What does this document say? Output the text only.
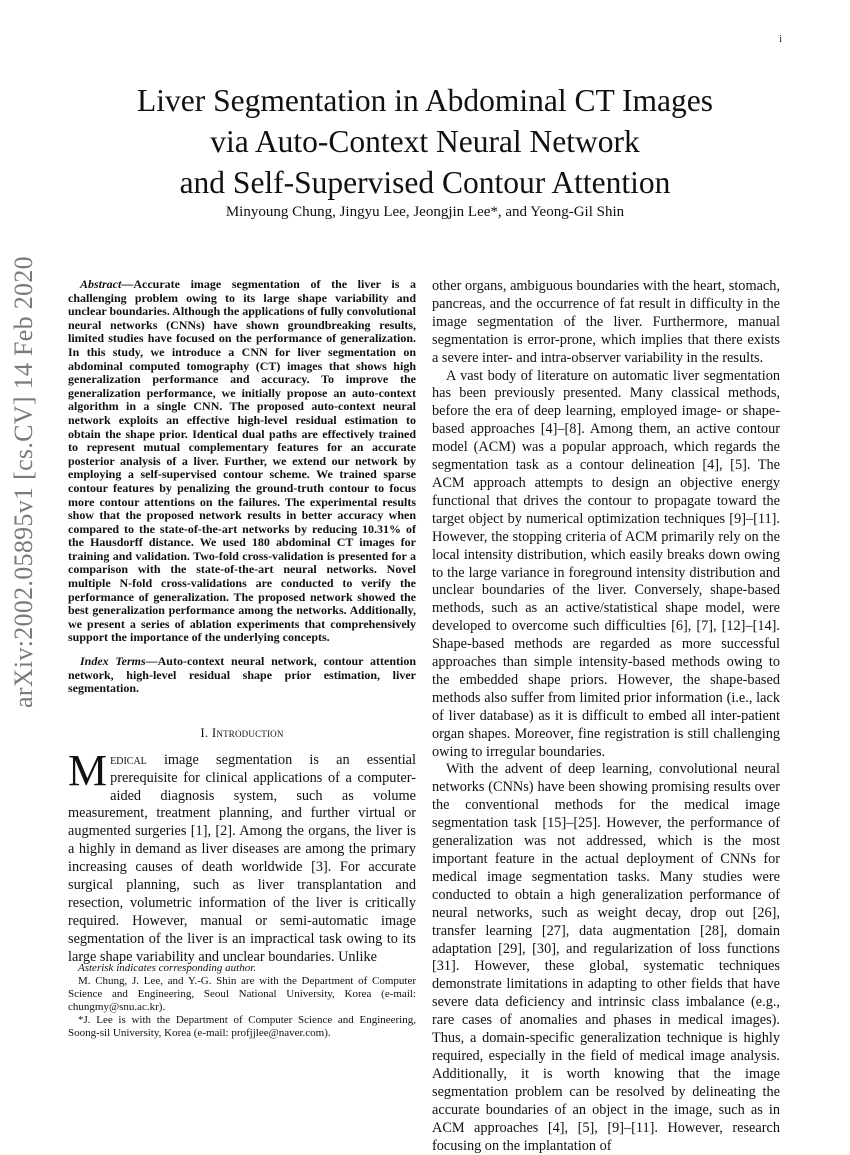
i
arXiv:2002.05895v1 [cs.CV] 14 Feb 2020
Liver Segmentation in Abdominal CT Images
via Auto-Context Neural Network
and Self-Supervised Contour Attention
Minyoung Chung, Jingyu Lee, Jeongjin Lee*, and Yeong-Gil Shin

Abstract—Accurate image segmentation of the liver is a challenging problem owing to its large shape variability and unclear boundaries. Although the applications of fully convolutional neural networks (CNNs) have shown groundbreaking results, limited studies have focused on the performance of generalization. In this study, we introduce a CNN for liver segmentation on abdominal computed tomography (CT) images that shows high generalization performance and accuracy. To improve the generalization performance, we initially propose an auto-context algorithm in a single CNN. The proposed auto-context neural network exploits an effective high-level residual estimation to obtain the shape prior. Identical dual paths are effectively trained to represent mutual complementary features for an accurate posterior analysis of a liver. Further, we extend our network by employing a self-supervised contour scheme. We trained sparse contour features by penalizing the ground-truth contour to focus more contour attentions on the failures. The experimental results show that the proposed network results in better accuracy when compared to the state-of-the-art networks by reducing 10.31% of the Hausdorff distance. We used 180 abdominal CT images for training and validation. Two-fold cross-validation is presented for a comparison with the state-of-the-art neural networks. Novel multiple N-fold cross-validations are conducted to verify the performance of generalization. The proposed network showed the best generalization performance among the networks. Additionally, we present a series of ablation experiments that comprehensively support the importance of the underlying concepts.

Index Terms—Auto-context neural network, contour attention network, high-level residual shape prior estimation, liver segmentation.

I. Introduction

Medical image segmentation is an essential prerequisite for clinical applications of a computer-aided diagnosis system, such as volume measurement, treatment planning, and further virtual or augmented surgeries [1], [2]. Among the organs, the liver is a highly in demand as liver diseases are among the primary increasing causes of death worldwide [3]. For accurate surgical planning, such as liver transplantation and resection, volumetric information of the liver is critically required. However, manual or semi-automatic image segmentation of the liver is an impractical task owing to its large shape variability and unclear boundaries. Unlike

Asterisk indicates corresponding author.

M. Chung, J. Lee, and Y.-G. Shin are with the Department of Computer Science and Engineering, Seoul National University, Korea (e-mail: chungmy@snu.ac.kr).

*J. Lee is with the Department of Computer Science and Engineering, Soong-sil University, Korea (e-mail: profjjlee@naver.com).

other organs, ambiguous boundaries with the heart, stomach, pancreas, and the occurrence of fat result in difficulty in the image segmentation of the liver. Furthermore, manual segmentation is error-prone, which implies that there exists a severe inter- and intra-observer variability in the results.

A vast body of literature on automatic liver segmentation has been previously presented. Many classical methods, before the era of deep learning, employed image- or shape-based approaches [4]–[8]. Among them, an active contour model (ACM) was a popular approach, which regards the segmentation task as a contour delineation [4], [5]. The ACM approach attempts to design an objective energy functional that drives the contour to propagate toward the target object by numerical optimization techniques [9]–[11]. However, the stopping criteria of ACM primarily rely on the local intensity distribution, which easily breaks down owing to the large variance in foreground intensity distribution and unclear boundaries of the liver. Conversely, shape-based methods, such as an active/statistical shape model, were developed to overcome such difficulties [6], [7], [12]–[14]. Shape-based methods are regarded as more successful approaches than simple intensity-based methods owing to the embedded shape priors. However, the shape-based methods also suffer from limited prior information (i.e., lack of liver database) as it is difficult to embed all inter-patient organ shapes. Moreover, fine registration is still challenging owing to irregular boundaries.

With the advent of deep learning, convolutional neural networks (CNNs) have been showing promising results over the conventional methods for the medical image segmentation task [15]–[25]. However, the performance of generalization was not addressed, which is the most important feature in the actual deployment of CNNs for medical image segmentation tasks. Many studies were conducted to obtain a high generalization performance of neural networks, such as weight decay, drop out [26], transfer learning [27], data augmentation [28], domain adaptation [29], [30], and regularization of loss functions [31]. However, these global, systematic techniques demonstrate limitations in adapting to other fields that have severe data deficiency and intrinsic class imbalance (e.g., rare cases of anomalies and phases in medical images). Thus, a domain-specific generalization technique is highly required, especially in the field of medical image analysis. Additionally, it is worth knowing that the image segmentation problem can be resolved by delineating the accurate boundaries of an object in the image, such as in ACM approaches [4], [5], [9]–[11]. However, research focusing on the implantation of
